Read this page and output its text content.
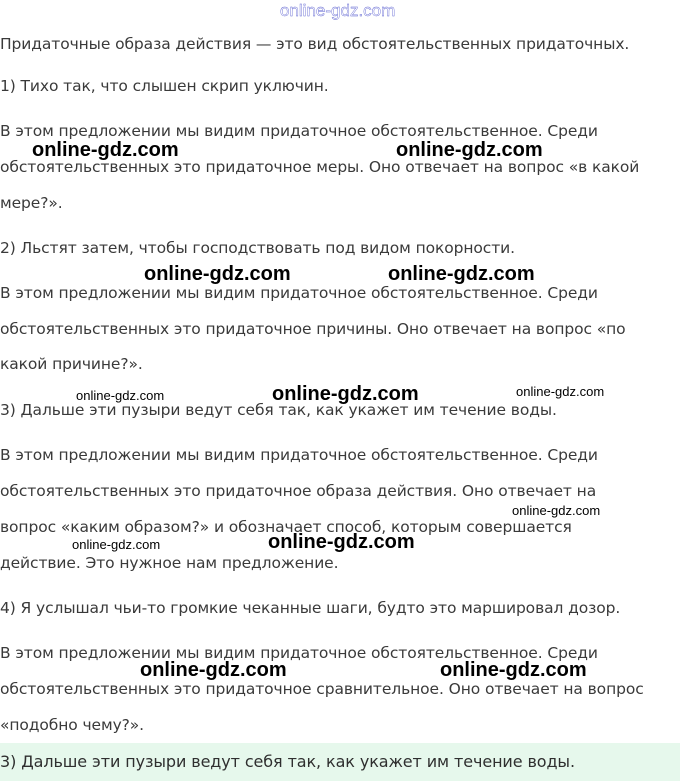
online-gdz.com

Придаточные образа действия — это вид обстоятельственных придаточных.

1) Тихо так, что слышен скрип уключин.

В этом предложении мы видим придаточное обстоятельственное. Среди

обстоятельственных это придаточное меры. Оно отвечает на вопрос «в какой

мере?».

2) Льстят затем, чтобы господствовать под видом покорности.

В этом предложении мы видим придаточное обстоятельственное. Среди

обстоятельственных это придаточное причины. Оно отвечает на вопрос «по

какой причине?».

3) Дальше эти пузыри ведут себя так, как укажет им течение воды.

В этом предложении мы видим придаточное обстоятельственное. Среди

обстоятельственных это придаточное образа действия. Оно отвечает на

вопрос «каким образом?» и обозначает способ, которым совершается

действие. Это нужное нам предложение.

4) Я услышал чьи-то громкие чеканные шаги, будто это маршировал дозор.

В этом предложении мы видим придаточное обстоятельственное. Среди

обстоятельственных это придаточное сравнительное. Оно отвечает на вопрос

«подобно чему?».

3) Дальше эти пузыри ведут себя так, как укажет им течение воды.

online-gdz.com	online-gdz.com
online-gdz.com	online-gdz.com
online-gdz.com	online-gdz.com	online-gdz.com
online-gdz.com
online-gdz.com	online-gdz.com
online-gdz.com	online-gdz.com
